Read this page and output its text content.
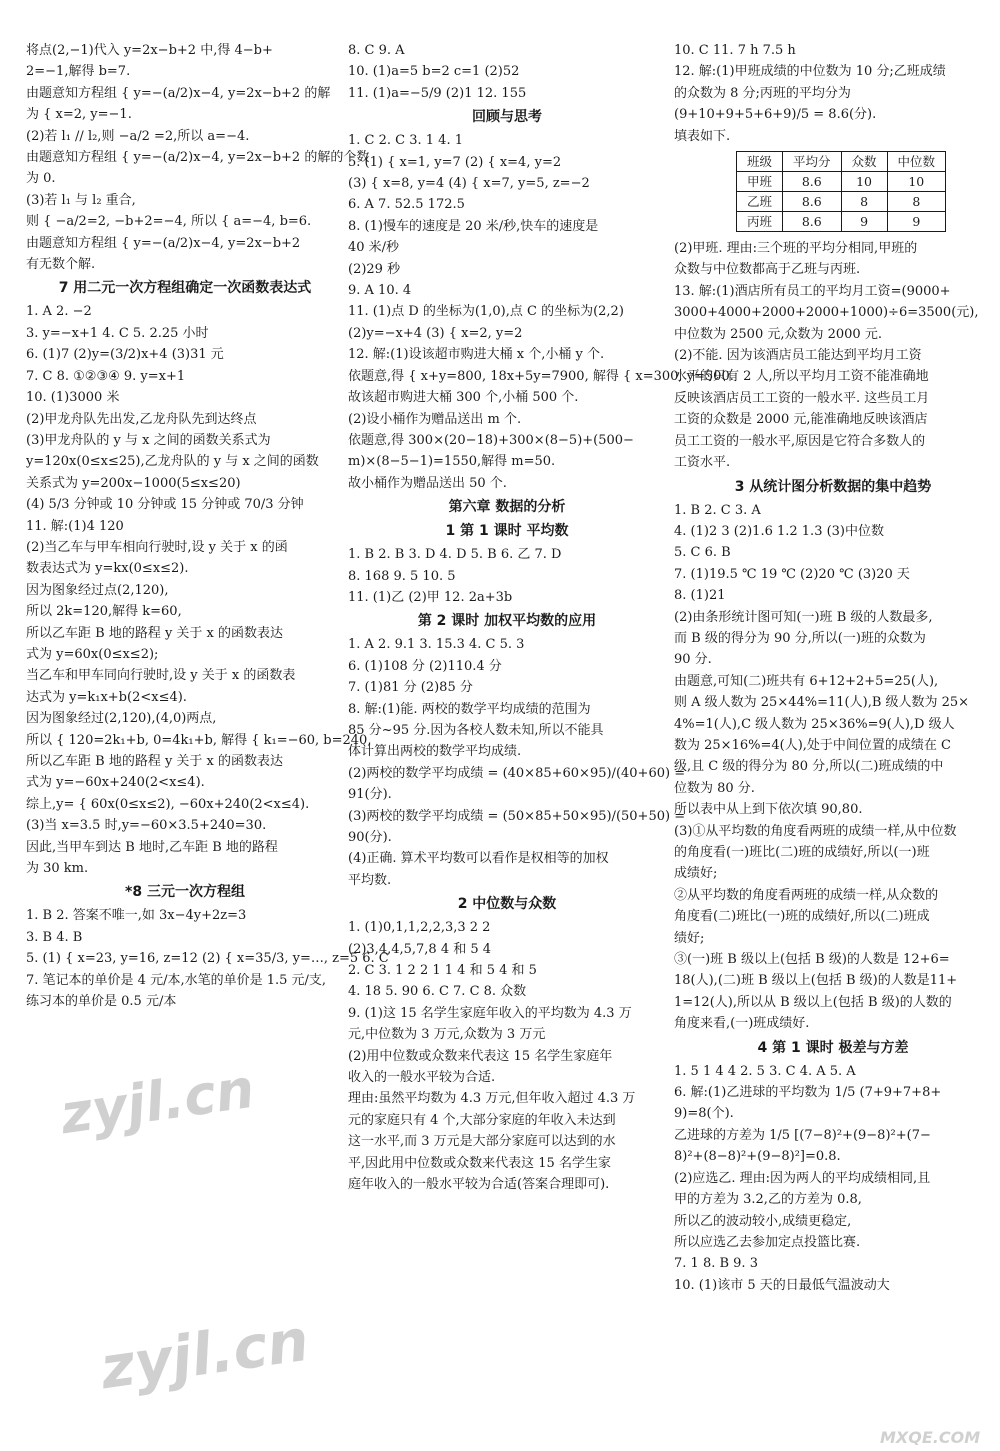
将点(2,−1)代入 y=2x−b+2 中,得 4−b+

2=−1,解得 b=7.

由题意知方程组 { y=−(a/2)x−4, y=2x−b+2 的解

为 { x=2, y=−1.

(2)若 l₁ // l₂,则 −a/2 =2,所以 a=−4.

由题意知方程组 { y=−(a/2)x−4, y=2x−b+2 的解的个数

为 0.

(3)若 l₁ 与 l₂ 重合,

则 { −a/2=2, −b+2=−4, 所以 { a=−4, b=6.

由题意知方程组 { y=−(a/2)x−4, y=2x−b+2

有无数个解.

7 用二元一次方程组确定一次函数表达式

1. A 2. −2

3. y=−x+1 4. C 5. 2.25 小时

6. (1)7 (2)y=(3/2)x+4 (3)31 元

7. C 8. ①②③④ 9. y=x+1

10. (1)3000 米

(2)甲龙舟队先出发,乙龙舟队先到达终点

(3)甲龙舟队的 y 与 x 之间的函数关系式为

y=120x(0≤x≤25),乙龙舟队的 y 与 x 之间的函数

关系式为 y=200x−1000(5≤x≤20)

(4) 5/3 分钟或 10 分钟或 15 分钟或 70/3 分钟

11. 解:(1)4 120

(2)当乙车与甲车相向行驶时,设 y 关于 x 的函

数表达式为 y=kx(0≤x≤2).

因为图象经过点(2,120),

所以 2k=120,解得 k=60,

所以乙车距 B 地的路程 y 关于 x 的函数表达

式为 y=60x(0≤x≤2);

当乙车和甲车同向行驶时,设 y 关于 x 的函数表

达式为 y=k₁x+b(2<x≤4).

因为图象经过(2,120),(4,0)两点,

所以 { 120=2k₁+b, 0=4k₁+b, 解得 { k₁=−60, b=240,

所以乙车距 B 地的路程 y 关于 x 的函数表达

式为 y=−60x+240(2<x≤4).

综上,y= { 60x(0≤x≤2), −60x+240(2<x≤4).

(3)当 x=3.5 时,y=−60×3.5+240=30.

因此,当甲车到达 B 地时,乙车距 B 地的路程

为 30 km.

*8 三元一次方程组

1. B 2. 答案不唯一,如 3x−4y+2z=3

3. B 4. B

5. (1) { x=23, y=16, z=12 (2) { x=35/3, y=…, z=5 6. C

7. 笔记本的单价是 4 元/本,水笔的单价是 1.5 元/支,

练习本的单价是 0.5 元/本

8. C 9. A

10. (1)a=5 b=2 c=1 (2)52

11. (1)a=−5/9 (2)1 12. 155

回顾与思考

1. C 2. C 3. 1 4. 1

5. (1) { x=1, y=7 (2) { x=4, y=2

(3) { x=8, y=4 (4) { x=7, y=5, z=−2

6. A 7. 52.5 172.5

8. (1)慢车的速度是 20 米/秒,快车的速度是

40 米/秒

(2)29 秒

9. A 10. 4

11. (1)点 D 的坐标为(1,0),点 C 的坐标为(2,2)

(2)y=−x+4 (3) { x=2, y=2

12. 解:(1)设该超市购进大桶 x 个,小桶 y 个.

依题意,得 { x+y=800, 18x+5y=7900, 解得 { x=300, y=500.

故该超市购进大桶 300 个,小桶 500 个.

(2)设小桶作为赠品送出 m 个.

依题意,得 300×(20−18)+300×(8−5)+(500−

m)×(8−5−1)=1550,解得 m=50.

故小桶作为赠品送出 50 个.

第六章 数据的分析

1 第 1 课时 平均数

1. B 2. B 3. D 4. D 5. B 6. 乙 7. D

8. 168 9. 5 10. 5

11. (1)乙 (2)甲 12. 2a+3b

第 2 课时 加权平均数的应用

1. A 2. 9.1 3. 15.3 4. C 5. 3

6. (1)108 分 (2)110.4 分

7. (1)81 分 (2)85 分

8. 解:(1)能. 两校的数学平均成绩的范围为

85 分~95 分.因为各校人数未知,所以不能具

体计算出两校的数学平均成绩.

(2)两校的数学平均成绩 = (40×85+60×95)/(40+60) =

91(分).

(3)两校的数学平均成绩 = (50×85+50×95)/(50+50) =

90(分).

(4)正确. 算术平均数可以看作是权相等的加权

平均数.

2 中位数与众数

1. (1)0,1,1,2,2,3,3 2 2

(2)3,4,4,5,7,8 4 和 5 4

2. C 3. 1 2 2 1 1 4 和 5 4 和 5

4. 18 5. 90 6. C 7. C 8. 众数

9. (1)这 15 名学生家庭年收入的平均数为 4.3 万

元,中位数为 3 万元,众数为 3 万元

(2)用中位数或众数来代表这 15 名学生家庭年

收入的一般水平较为合适.

理由:虽然平均数为 4.3 万元,但年收入超过 4.3 万

元的家庭只有 4 个,大部分家庭的年收入未达到

这一水平,而 3 万元是大部分家庭可以达到的水

平,因此用中位数或众数来代表这 15 名学生家

庭年收入的一般水平较为合适(答案合理即可).

10. C 11. 7 h 7.5 h

12. 解:(1)甲班成绩的中位数为 10 分;乙班成绩

的众数为 8 分;丙班的平均分为

(9+10+9+5+6+9)/5 = 8.6(分).

填表如下.

班级	平均分	众数	中位数
甲班	8.6	10	10
乙班	8.6	8	8
丙班	8.6	9	9

(2)甲班. 理由:三个班的平均分相同,甲班的

众数与中位数都高于乙班与丙班.

13. 解:(1)酒店所有员工的平均月工资=(9000+

3000+4000+2000+2000+1000)÷6=3500(元),

中位数为 2500 元,众数为 2000 元.

(2)不能. 因为该酒店员工能达到平均月工资

水平的只有 2 人,所以平均月工资不能准确地

反映该酒店员工工资的一般水平. 这些员工月

工资的众数是 2000 元,能准确地反映该酒店

员工工资的一般水平,原因是它符合多数人的

工资水平.

3 从统计图分析数据的集中趋势

1. B 2. C 3. A

4. (1)2 3 (2)1.6 1.2 1.3 (3)中位数

5. C 6. B

7. (1)19.5 ℃ 19 ℃ (2)20 ℃ (3)20 天

8. (1)21

(2)由条形统计图可知(一)班 B 级的人数最多,

而 B 级的得分为 90 分,所以(一)班的众数为

90 分.

由题意,可知(二)班共有 6+12+2+5=25(人),

则 A 级人数为 25×44%=11(人),B 级人数为 25×

4%=1(人),C 级人数为 25×36%=9(人),D 级人

数为 25×16%=4(人),处于中间位置的成绩在 C

级,且 C 级的得分为 80 分,所以(二)班成绩的中

位数为 80 分.

所以表中从上到下依次填 90,80.

(3)①从平均数的角度看两班的成绩一样,从中位数

的角度看(一)班比(二)班的成绩好,所以(一)班

成绩好;

②从平均数的角度看两班的成绩一样,从众数的

角度看(二)班比(一)班的成绩好,所以(二)班成

绩好;

③(一)班 B 级以上(包括 B 级)的人数是 12+6=

18(人),(二)班 B 级以上(包括 B 级)的人数是11+

1=12(人),所以从 B 级以上(包括 B 级)的人数的

角度来看,(一)班成绩好.

4 第 1 课时 极差与方差

1. 5 1 4 4 2. 5 3. C 4. A 5. A

6. 解:(1)乙进球的平均数为 1/5 (7+9+7+8+

9)=8(个).

乙进球的方差为 1/5 [(7−8)²+(9−8)²+(7−

8)²+(8−8)²+(9−8)²]=0.8.

(2)应选乙. 理由:因为两人的平均成绩相同,且

甲的方差为 3.2,乙的方差为 0.8,

所以乙的波动较小,成绩更稳定,

所以应选乙去参加定点投篮比赛.

7. 1 8. B 9. 3

10. (1)该市 5 天的日最低气温波动大

zyjl.cn
zyjl.cn
MXQE.COM
